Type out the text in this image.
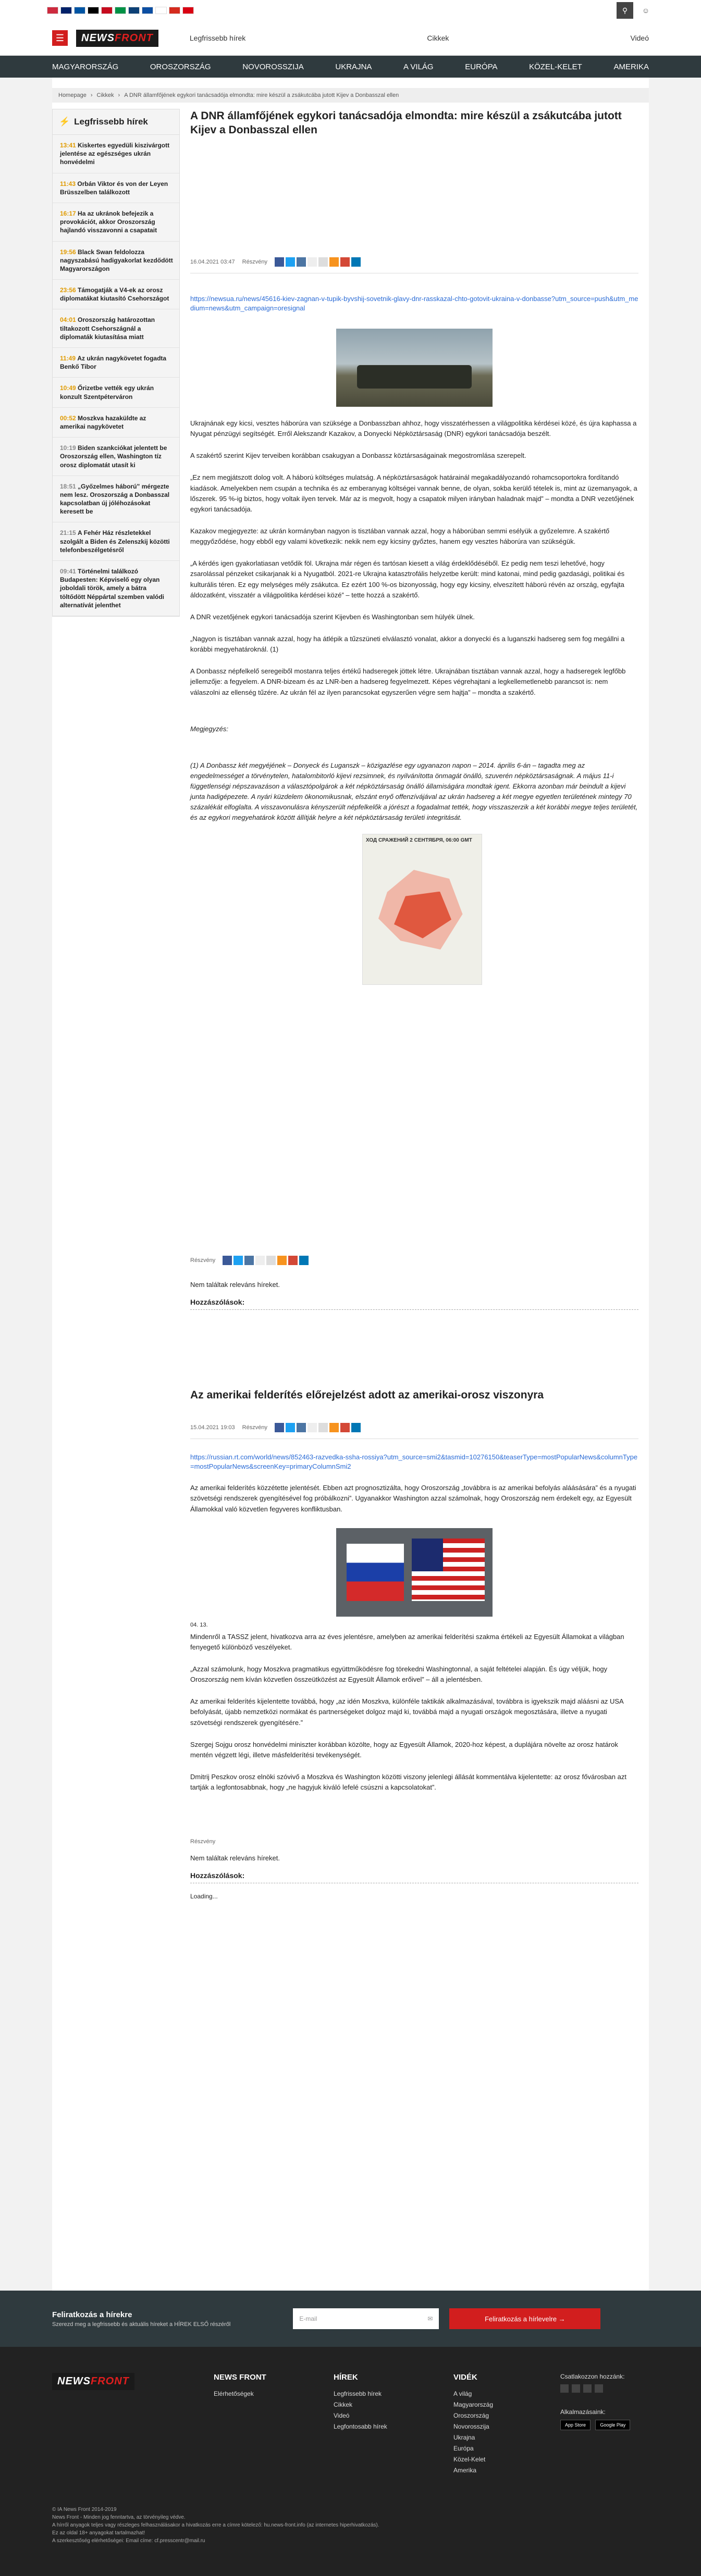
⚲	☺
☰	NEWSFRONT	Legfrissebb hírek	Cikkek	Videó
MAGYARORSZÁG	OROSZORSZÁG	NOVOROSSZIJA	UKRAJNA	A VILÁG	EURÓPA	KÖZEL-KELET	AMERIKA
Homepage › Cikkek › A DNR államfőjének egykori tanácsadója elmondta: mire készül a zsákutcába jutott Kijev a Donbasszal ellen
⚡ Legfrissebb hírek
13:41 Kiskertes egyedüli kiszivárgott jelentése az egészséges ukrán honvédelmi
11:43 Orbán Viktor és von der Leyen Brüsszelben találkozott
16:17 Ha az ukránok befejezik a provokációt, akkor Oroszország hajlandó visszavonni a csapatait
19:56 Black Swan feldolozza nagyszabású hadigyakorlat kezdődött Magyarországon
23:56 Támogatják a V4-ek az orosz diplomatákat kiutasító Csehországot
04:01 Oroszország határozottan tiltakozott Csehországnál a diplomaták kiutasítása miatt
11:49 Az ukrán nagykövetet fogadta Benkő Tibor
10:49 Őrizetbe vették egy ukrán konzult Szentpéterváron
00:52 Moszkva hazaküldte az amerikai nagykövetet
10:19 Biden szankciókat jelentett be Oroszország ellen, Washington tíz orosz diplomatát utasít ki
18:51 „Győzelmes háború” mérgezte nem lesz. Oroszország a Donbasszal kapcsolatban új jóléhozásokat keresett be
21:15 A Fehér Ház részletekkel szolgált a Biden és Zelenszkij közötti telefonbeszélgetésről
09:41 Történelmi találkozó Budapesten: Képviselő egy olyan joboldali török, amely a bátra töltődött Néppártal szemben valódi alternatívát jelenthet
A DNR államfőjének egykori tanácsadója elmondta: mire készül a zsákutcába jutott Kijev a Donbasszal ellen
16.04.2021 03:47 Részvény
https://newsua.ru/news/45616-kiev-zagnan-v-tupik-byvshij-sovetnik-glavy-dnr-rasskazal-chto-gotovit-ukraina-v-donbasse?utm_source=push&utm_medium=news&utm_campaign=oresignal

Ukrajnának egy kicsi, vesztes háborúra van szüksége a Donbasszban ahhoz, hogy visszatérhessen a világpolitika kérdései közé, és újra kaphassa a Nyugat pénzügyi segítségét. Erről Alekszandr Kazakov, a Donyecki Népköztársaság (DNR) egykori tanácsadója beszélt.

A szakértő szerint Kijev terveiben korábban csakugyan a Donbassz köztársaságainak megostromlása szerepelt.

„Ez nem megjátszott dolog volt. A háború költséges mulatság. A népköztársaságok határainál megakadályozandó rohamcsoportokra fordítandó kiadások. Amelyekben nem csupán a technika és az emberanyag költségei vannak benne, de olyan, sokba kerülő tételek is, mint az üzemanyagok, a lőszerek. 95 %-ig biztos, hogy voltak ilyen tervek. Már az is megvolt, hogy a csapatok milyen irányban haladnak majd” – mondta a DNR vezetőjének egykori tanácsadója.

Kazakov megjegyezte: az ukrán kormányban nagyon is tisztában vannak azzal, hogy a háborúban semmi esélyük a győzelemre. A szakértő meggyőződése, hogy ebből egy valami következik: nekik nem egy kicsiny győztes, hanem egy vesztes háborúra van szükségük.

„A kérdés igen gyakorlatiasan vetődik föl. Ukrajna már régen és tartósan kiesett a világ érdeklődéséből. Ez pedig nem teszi lehetővé, hogy zsarolással pénzeket csikarjanak ki a Nyugatból. 2021-re Ukrajna katasztrofális helyzetbe került: mind katonai, mind pedig gazdasági, politikai és kulturális téren. Ez egy melységes mély zsákutca. Ez ezért 100 %-os bizonyosság, hogy egy kicsiny, elveszített háború révén az ország, egyfajta áldozatként, visszatér a világpolitika kérdései közé” – tette hozzá a szakértő.

A DNR vezetőjének egykori tanácsadója szerint Kijevben és Washingtonban sem hülyék ülnek.

„Nagyon is tisztában vannak azzal, hogy ha átlépik a tűzszüneti elválasztó vonalat, akkor a donyecki és a luganszki hadsereg sem fog megállni a korábbi megyehatároknál. (1)

A Donbassz népfelkelő seregeiből mostanra teljes értékű hadseregek jöttek létre. Ukrajnában tisztában vannak azzal, hogy a hadseregek legfőbb jellemzője: a fegyelem. A DNR-bizeam és az LNR-ben a hadsereg fegyelmezett. Képes végrehajtani a legkellemetlenebb parancsot is: nem válaszolni az ellenség tűzére. Az ukrán fél az ilyen parancsokat egyszerűen végre sem hajtja” – mondta a szakértő.

Megjegyzés:

(1) A Donbassz két megyéjének – Donyeck és Luganszk – közigazlése egy ugyanazon napon – 2014. április 6-án – tagadta meg az engedelmességet a törvénytelen, hatalombitorló kijevi rezsimnek, és nyilvánította önmagát önálló, szuverén népköztársaságnak. A május 11-i függetlenségi népszavazáson a választópolgárok a két népköztársaság önálló államiságára mondtak igent. Ekkorra azonban már beindult a kijevi junta hadigépezete. A nyári küzdelem ökonomikusnak, elszánt enyő offenzívájával az ukrán hadsereg a két megye egyetlen területének mintegy 70 százalékát elfoglalta. A visszavonulásra kényszerült népfelkelők a jórészt a fogadalmat tették, hogy visszaszerzik a két korábbi megye teljes területét, és az egykori megyehatárok között állítják helyre a két népköztársaság területi integritását.

ХОД СРАЖЕНИЙ 2 СЕНТЯБРЯ, 06:00 GMT
Részvény

Nem találtak releváns híreket.

Hozzászólások:

Az amerikai felderítés előrejelzést adott az amerikai-orosz viszonyra
15.04.2021 19:03 Részvény
https://russian.rt.com/world/news/852463-razvedka-ssha-rossiya?utm_source=smi2&tasmid=10276150&teaserType=mostPopularNews&columnType=mostPopularNews&screenKey=primaryColumnSmi2

Az amerikai felderítés közzétette jelentését. Ebben azt prognosztizálta, hogy Oroszország „továbbra is az amerikai befolyás aláásására” és a nyugati szövetségi rendszerek gyengítésével fog próbálkozni”. Ugyanakkor Washington azzal számolnak, hogy Oroszország nem érdekelt egy, az Egyesült Államokkal való közvetlen fegyveres konfliktusban.

04. 13.

Mindenről a TASSZ jelent, hivatkozva arra az éves jelentésre, amelyben az amerikai felderítési szakma értékeli az Egyesült Államokat a világban fenyegető különböző veszélyeket.

„Azzal számolunk, hogy Moszkva pragmatikus együttműködésre fog törekedni Washingtonnal, a saját feltételei alapján. És úgy véljük, hogy Oroszország nem kíván közvetlen összeütközést az Egyesült Államok erőivel” – áll a jelentésben.

Az amerikai felderítés kijelentette továbbá, hogy „az idén Moszkva, különféle taktikák alkalmazásával, továbbra is igyekszik majd aláásni az USA befolyását, újabb nemzetközi normákat és partnerségeket dolgoz majd ki, továbbá majd a nyugati országok megosztására, illetve a nyugati szövetségi rendszerek gyengítésére.”

Szergej Sojgu orosz honvédelmi miniszter korábban közölte, hogy az Egyesült Államok, 2020-hoz képest, a duplájára növelte az orosz határok mentén végzett légi, illetve másfelderítési tevékenységét.

Dmitrij Peszkov orosz elnöki szóvivő a Moszkva és Washington közötti viszony jelenlegi állását kommentálva kijelentette: az orosz fővárosban azt tartják a legfontosabbnak, hogy „ne hagyjuk kiváló lefelé csúszni a kapcsolatokat”.

Részvény

Nem találtak releváns híreket.

Hozzászólások:

Loading...

Feliratkozás a hírekre

Szerezd meg a legfrissebb és aktuális híreket a HÍREK ELSŐ részéről

E-mail	✉	Feliratkozás a hírlevelre →
NEWSFRONT	NEWS FRONT
Elérhetőségek
HÍREK
Legfrissebb hírek
Cikkek
Videó
Legfontosabb hírek
VIDÉK
A világ
Magyarország
Oroszország
Novorosszija
Ukrajna
Európa
Közel-Kelet
Amerika
Csatlakozzon hozzánk:
Alkalmazásaink:
App Store	Google Play
© IA News Front 2014-2019
News Front - Minden jog fenntartva, az törvényileg védve.
A hírről anyagok teljes vagy részleges felhasználásakor a hivatkozás erre a címre kötelező: hu.news-front.info (az internetes hiperhivatkozás).
Ez az oldal 18+ anyagokat tartalmazhat!
A szerkesztőség elérhetőségei: Email címe: cf.presscentr@mail.ru
